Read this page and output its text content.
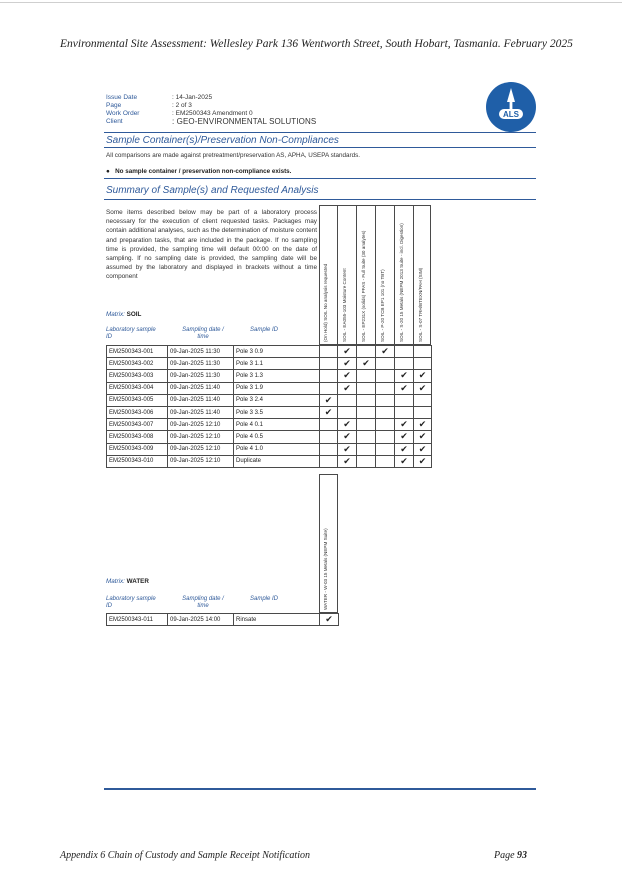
Environmental Site Assessment: Wellesley Park 136 Wentworth Street, South Hobart, Tasmania. February 2025
Issue Date	: 14-Jan-2025
Page	: 2 of 3
Work Order	: EM2500343 Amendment 0
Client	: GEO-ENVIRONMENTAL SOLUTIONS
ALS
Sample Container(s)/Preservation Non-Compliances
All comparisons are made against pretreatment/preservation AS, APHA, USEPA standards.
●   No sample container / preservation non-compliance exists.
Summary of Sample(s) and Requested Analysis
Some items described below may be part of a laboratory process necessary for the execution of client requested tasks. Packages may contain additional analyses, such as the determination of moisture content and preparation tasks, that are included in the package. If no sampling time is provided, the sampling time will default 00:00 on the date of sampling. If no sampling date is provided, the sampling date will be assumed by the laboratory and displayed in brackets without a time component	(On Hold) SOIL No analysis requested	SOIL - EA055-103 Moisture Content	SOIL - EP231X (solids) PFAS - Full Suite (30 analytes)	SOIL - P-20 TCB EP1 101 (no TBT)	SOIL - S-20 15 Metals (NEPM 2013 Suite - incl. Digestion)	SOIL - S-07 TRH/BTEXN/PAH (SIM)
Matrix: SOIL
Laboratory sample
ID
Sampling date /
time
Sample ID
EM2500343-001	09-Jan-2025 11:30	Pole 3 0.9		✔		✔		
EM2500343-002	09-Jan-2025 11:30	Pole 3 1.1		✔	✔			
EM2500343-003	09-Jan-2025 11:30	Pole 3 1.3		✔			✔	✔
EM2500343-004	09-Jan-2025 11:40	Pole 3 1.9		✔			✔	✔
EM2500343-005	09-Jan-2025 11:40	Pole 3 2.4	✔					
EM2500343-006	09-Jan-2025 11:40	Pole 3 3.5	✔					
EM2500343-007	09-Jan-2025 12:10	Pole 4 0.1		✔			✔	✔
EM2500343-008	09-Jan-2025 12:10	Pole 4 0.5		✔			✔	✔
EM2500343-009	09-Jan-2025 12:10	Pole 4 1.0		✔			✔	✔
EM2500343-010	09-Jan-2025 12:10	Duplicate		✔			✔	✔
WATER - W-03 15 Metals (NEPM Suite)
Matrix: WATER
Laboratory sample
ID
Sampling date /
time
Sample ID
EM2500343-011	09-Jan-2025 14:00	Rinsate	✔
Appendix 6 Chain of Custody and Sample Receipt Notification	Page 93
